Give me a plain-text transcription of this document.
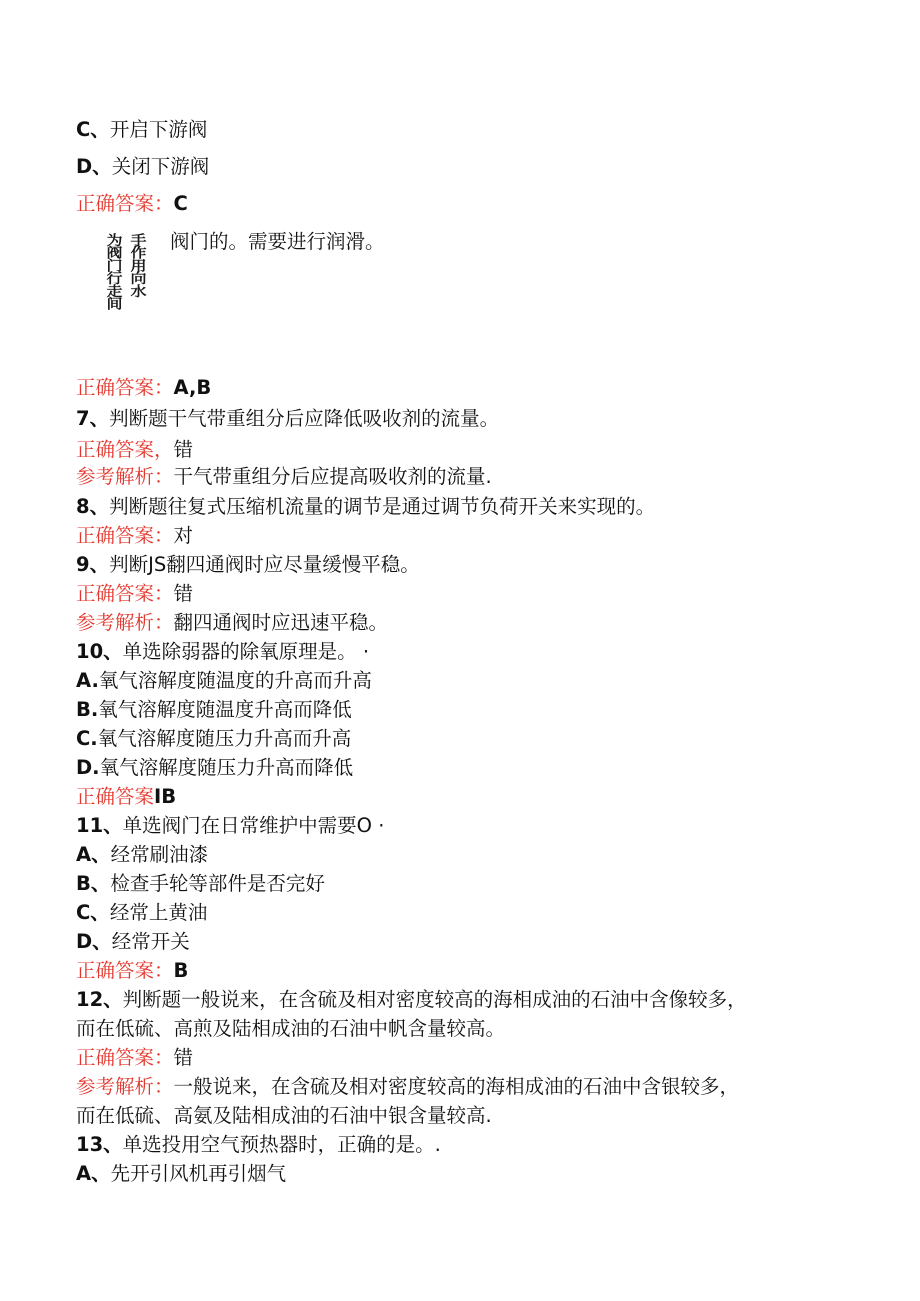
C、开启下游阀
D、关闭下游阀
正确答案：C
为阀门行走间 手作用向水 阀门的。需要进行润滑。
正确答案：A,B
7、判断题干气带重组分后应降低吸收剂的流量。
正确答案，错
参考解析：干气带重组分后应提高吸收剂的流量.
8、判断题往复式压缩机流量的调节是通过调节负荷开关来实现的。
正确答案：对
9、判断JS翻四通阀时应尽量缓慢平稳。
正确答案：错
参考解析：翻四通阀时应迅速平稳。
10、单选除弱器的除氧原理是。 ·
A.氧气溶解度随温度的升高而升高
B.氧气溶解度随温度升高而降低
C.氧气溶解度随压力升高而升高
D.氧气溶解度随压力升高而降低
正确答案IB
11、单选阀门在日常维护中需要O ·
A、经常刷油漆
B、检查手轮等部件是否完好
C、经常上黄油
D、经常开关
正确答案：B
12、判断题一般说来，在含硫及相对密度较高的海相成油的石油中含像较多，
而在低硫、高煎及陆相成油的石油中帆含量较高。
正确答案：错
参考解析：一般说来，在含硫及相对密度较高的海相成油的石油中含银较多，
而在低硫、高氨及陆相成油的石油中银含量较高.
13、单选投用空气预热器时，正确的是。.
A、先开引风机再引烟气
